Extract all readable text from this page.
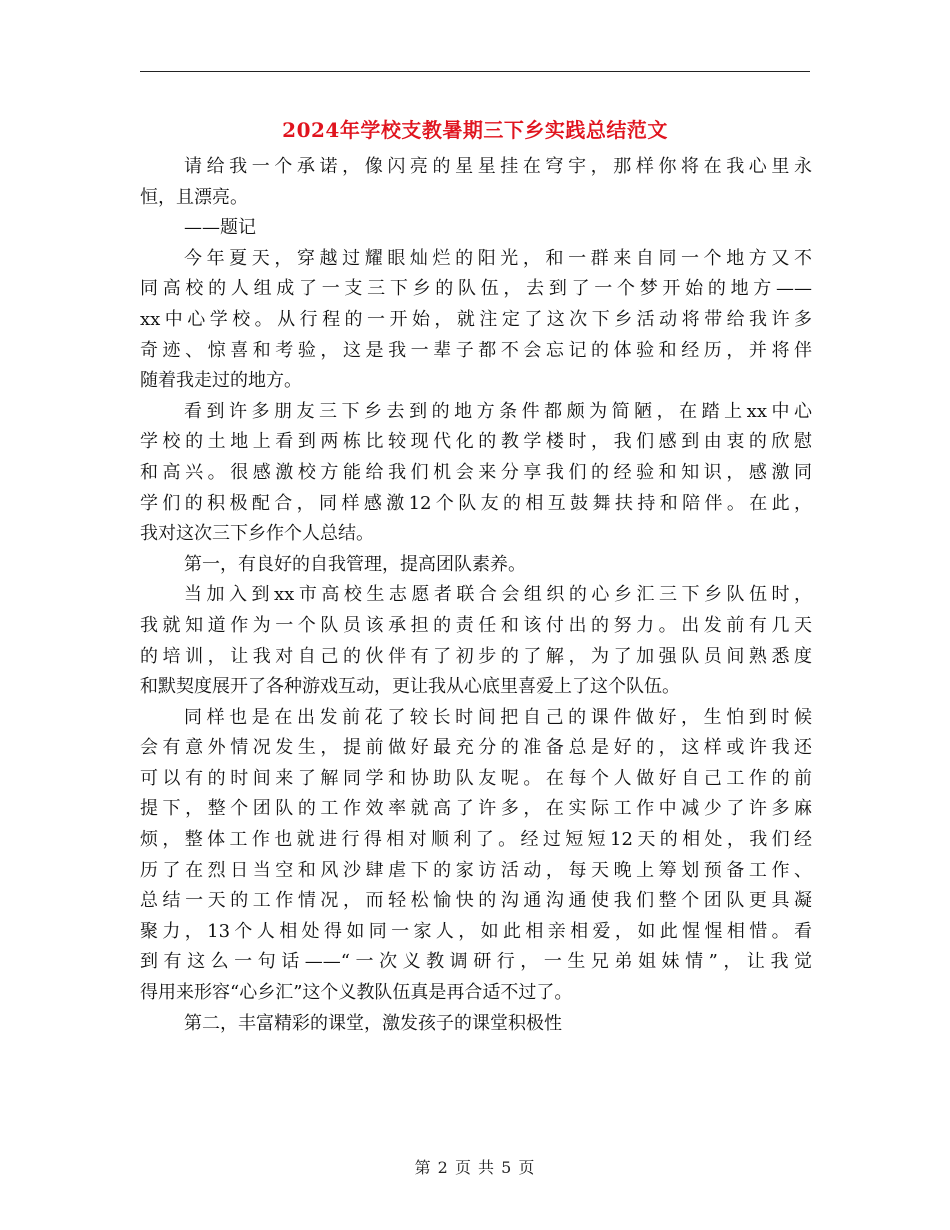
2024年学校支教暑期三下乡实践总结范文
请给我一个承诺，像闪亮的星星挂在穹宇，那样你将在我心里永
恒，且漂亮。
——题记
今年夏天，穿越过耀眼灿烂的阳光，和一群来自同一个地方又不
同高校的人组成了一支三下乡的队伍，去到了一个梦开始的地方——
xx中心学校。从行程的一开始，就注定了这次下乡活动将带给我许多
奇迹、惊喜和考验，这是我一辈子都不会忘记的体验和经历，并将伴
随着我走过的地方。
看到许多朋友三下乡去到的地方条件都颇为简陋，在踏上xx中心
学校的土地上看到两栋比较现代化的教学楼时，我们感到由衷的欣慰
和高兴。很感激校方能给我们机会来分享我们的经验和知识，感激同
学们的积极配合，同样感激12个队友的相互鼓舞扶持和陪伴。在此，
我对这次三下乡作个人总结。
第一，有良好的自我管理，提高团队素养。
当加入到xx市高校生志愿者联合会组织的心乡汇三下乡队伍时，
我就知道作为一个队员该承担的责任和该付出的努力。出发前有几天
的培训，让我对自己的伙伴有了初步的了解，为了加强队员间熟悉度
和默契度展开了各种游戏互动，更让我从心底里喜爱上了这个队伍。
同样也是在出发前花了较长时间把自己的课件做好，生怕到时候
会有意外情况发生，提前做好最充分的准备总是好的，这样或许我还
可以有的时间来了解同学和协助队友呢。在每个人做好自己工作的前
提下，整个团队的工作效率就高了许多，在实际工作中减少了许多麻
烦，整体工作也就进行得相对顺利了。经过短短12天的相处，我们经
历了在烈日当空和风沙肆虐下的家访活动，每天晚上筹划预备工作、
总结一天的工作情况，而轻松愉快的沟通沟通使我们整个团队更具凝
聚力，13个人相处得如同一家人，如此相亲相爱，如此惺惺相惜。看
到有这么一句话——“一次义教调研行，一生兄弟姐妹情”，让我觉
得用来形容“心乡汇”这个义教队伍真是再合适不过了。
第二，丰富精彩的课堂，激发孩子的课堂积极性
第 2 页 共 5 页
